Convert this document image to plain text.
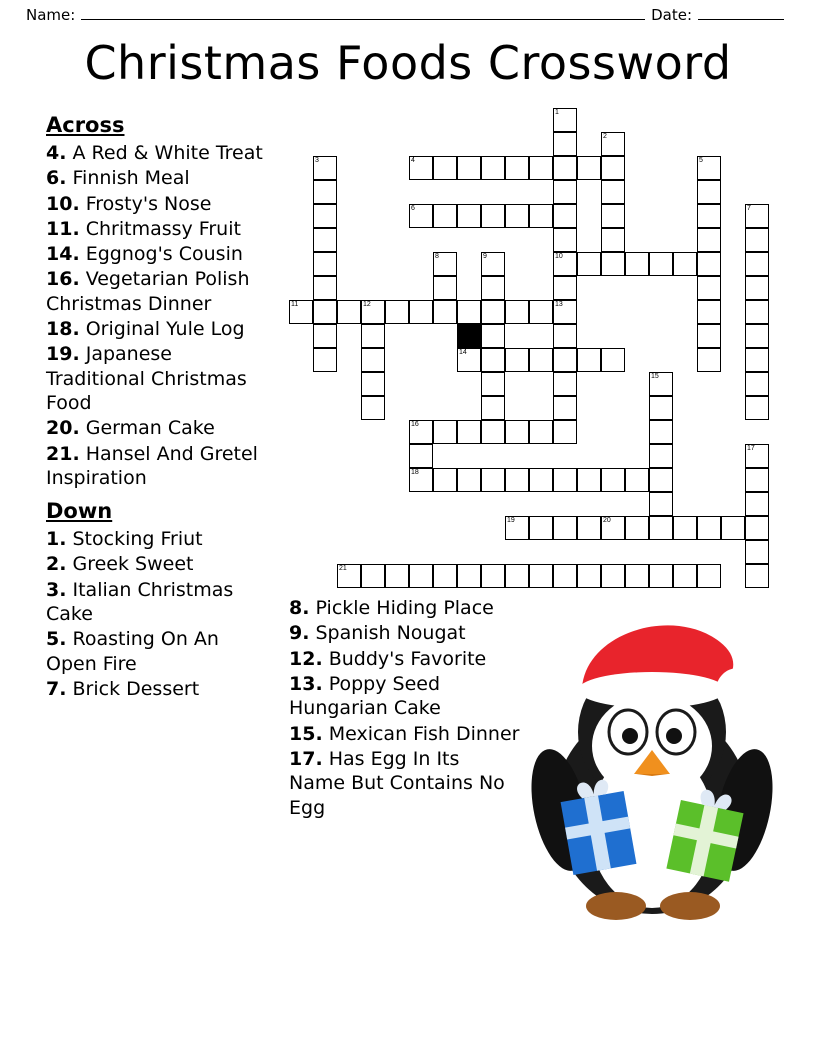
Name:	Date:
Christmas Foods Crossword
Across
4. A Red & White Treat
6. Finnish Meal
10. Frosty's Nose
11. Chritmassy Fruit
14. Eggnog's Cousin
16. Vegetarian Polish Christmas Dinner
18. Original Yule Log
19. Japanese Traditional Christmas Food
20. German Cake
21. Hansel And Gretel Inspiration
Down
1. Stocking Friut
2. Greek Sweet
3. Italian Christmas Cake
5. Roasting On An Open Fire
7. Brick Dessert
8. Pickle Hiding Place
9. Spanish Nougat
12. Buddy's Favorite
13. Poppy Seed Hungarian Cake
15. Mexican Fish Dinner
17. Has Egg In Its Name But Contains No Egg
1
2
3	4	5
6	7
8	9	10
11	12	13
14
15
16
17
18
19	20
21
